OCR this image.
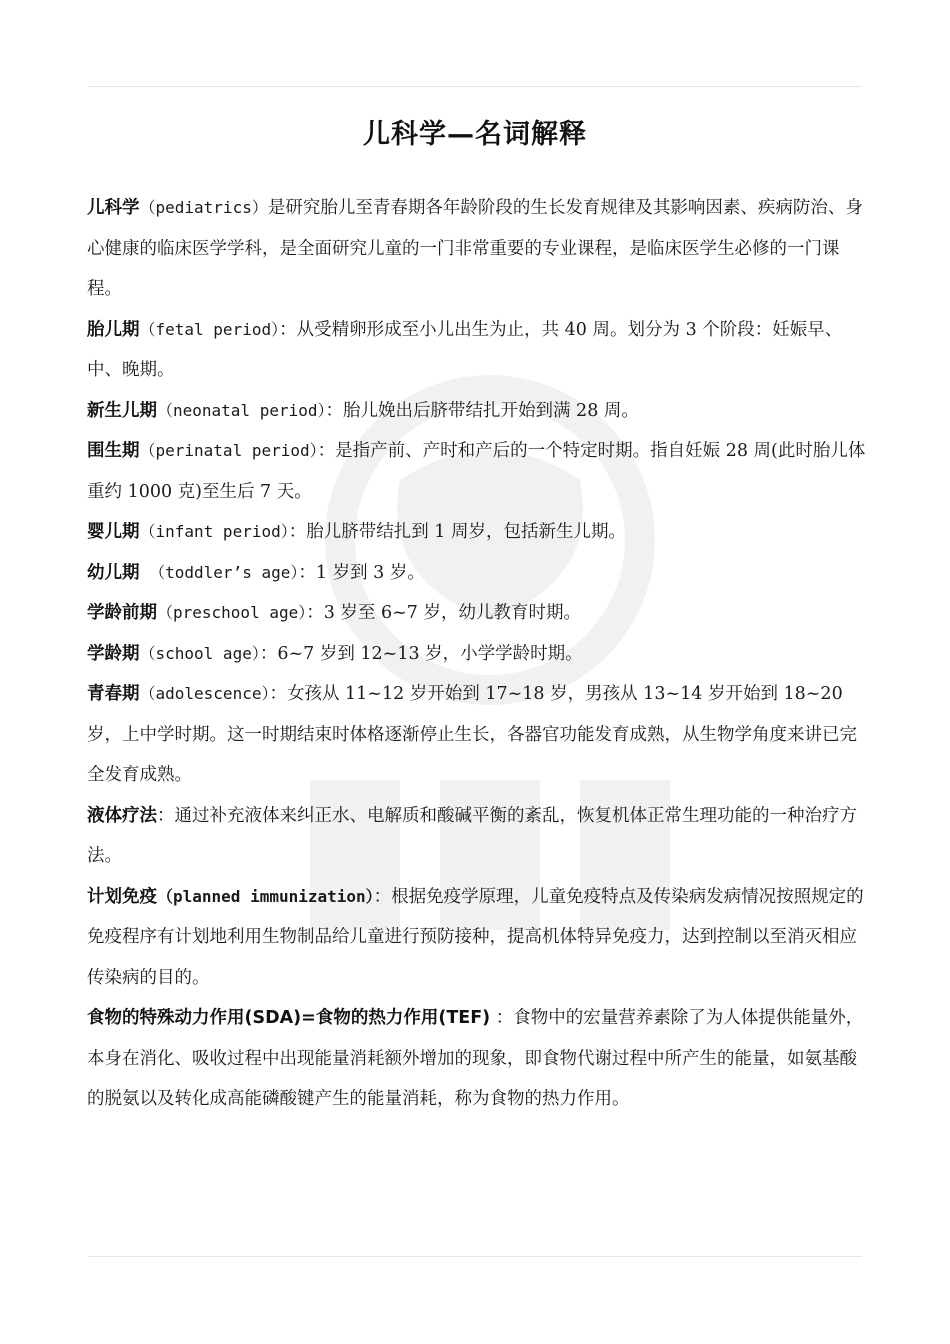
儿科学—名词解释

儿科学（pediatrics）是研究胎儿至青春期各年龄阶段的生长发育规律及其影响因素、疾病防治、身心健康的临床医学学科，是全面研究儿童的一门非常重要的专业课程，是临床医学生必修的一门课程。

胎儿期（fetal period）：从受精卵形成至小儿出生为止，共 40 周。划分为 3 个阶段：妊娠早、中、晚期。

新生儿期（neonatal period）：胎儿娩出后脐带结扎开始到满 28 周。

围生期（perinatal period）：是指产前、产时和产后的一个特定时期。指自妊娠 28 周(此时胎儿体重约 1000 克)至生后 7 天。

婴儿期（infant period）：胎儿脐带结扎到 1 周岁，包括新生儿期。

幼儿期 （toddler’s age）：1 岁到 3 岁。

学龄前期（preschool age）：3 岁至 6~7 岁，幼儿教育时期。

学龄期（school age）：6~7 岁到 12~13 岁，小学学龄时期。

青春期（adolescence）：女孩从 11~12 岁开始到 17~18 岁，男孩从 13~14 岁开始到 18~20 岁，上中学时期。这一时期结束时体格逐渐停止生长，各器官功能发育成熟，从生物学角度来讲已完全发育成熟。

液体疗法：通过补充液体来纠正水、电解质和酸碱平衡的紊乱，恢复机体正常生理功能的一种治疗方法。

计划免疫（planned immunization）：根据免疫学原理，儿童免疫特点及传染病发病情况按照规定的免疫程序有计划地利用生物制品给儿童进行预防接种，提高机体特异免疫力，达到控制以至消灭相应传染病的目的。

食物的特殊动力作用(SDA)=食物的热力作用(TEF) ：食物中的宏量营养素除了为人体提供能量外，本身在消化、吸收过程中出现能量消耗额外增加的现象，即食物代谢过程中所产生的能量，如氨基酸的脱氨以及转化成高能磷酸键产生的能量消耗，称为食物的热力作用。
